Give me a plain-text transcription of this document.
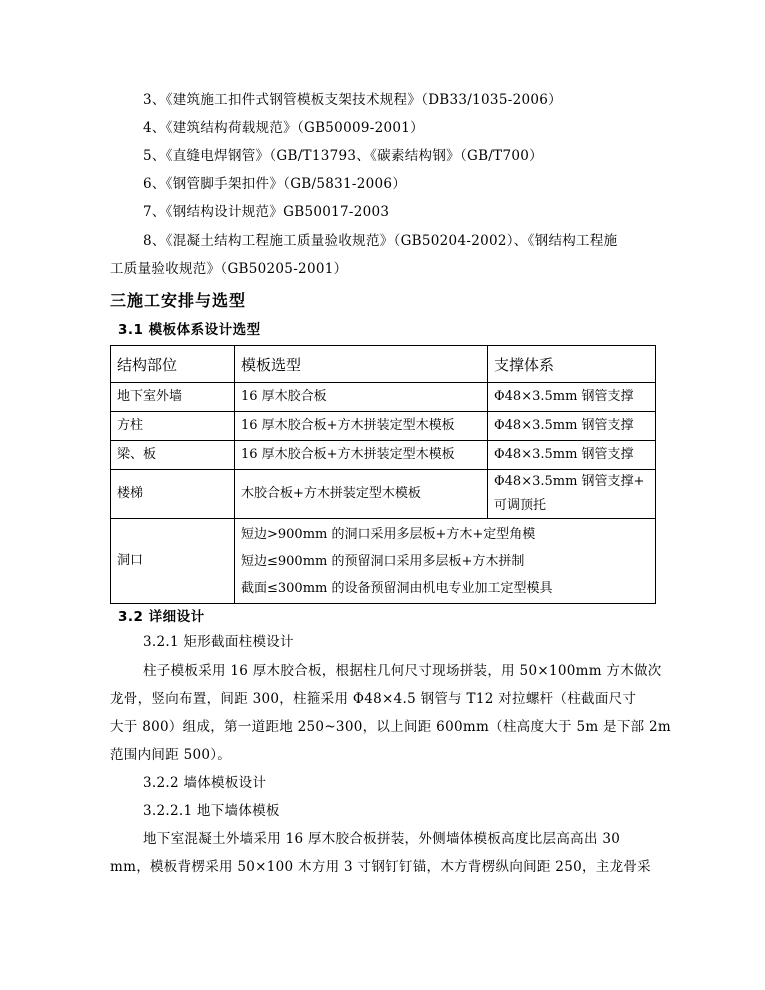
3、《建筑施工扣件式钢管模板支架技术规程》（DB33/1035-2006）
4、《建筑结构荷载规范》（GB50009-2001）
5、《直缝电焊钢管》（GB/T13793、《碳素结构钢》（GB/T700）
6、《钢管脚手架扣件》（GB/5831-2006）
7、《钢结构设计规范》GB50017-2003
8、《混凝土结构工程施工质量验收规范》（GB50204-2002）、《钢结构工程施
工质量验收规范》（GB50205-2001）
三施工安排与选型
3.1 模板体系设计选型
结构部位	模板选型	支撑体系
地下室外墙	16 厚木胶合板	Φ48×3.5mm 钢管支撑
方柱	16 厚木胶合板+方木拼装定型木模板	Φ48×3.5mm 钢管支撑
梁、板	16 厚木胶合板+方木拼装定型木模板	Φ48×3.5mm 钢管支撑
楼梯	木胶合板+方木拼装定型木模板	Φ48×3.5mm 钢管支撑+
可调顶托

洞口	短边>900mm 的洞口采用多层板+方木+定型角模
短边≤900mm 的预留洞口采用多层板+方木拼制
截面≤300mm 的设备预留洞由机电专业加工定型模具	
3.2 详细设计
3.2.1 矩形截面柱模设计
柱子模板采用 16 厚木胶合板，根据柱几何尺寸现场拼装，用 50×100mm 方木做次
龙骨，竖向布置，间距 300，柱箍采用 Φ48×4.5 钢管与 T12 对拉螺杆（柱截面尺寸
大于 800）组成，第一道距地 250~300，以上间距 600mm（柱高度大于 5m 是下部 2m
范围内间距 500）。
3.2.2 墙体模板设计
3.2.2.1 地下墙体模板
地下室混凝土外墙采用 16 厚木胶合板拼装，外侧墙体模板高度比层高高出 30
mm，模板背楞采用 50×100 木方用 3 寸钢钉钉锚，木方背楞纵向间距 250，主龙骨采
